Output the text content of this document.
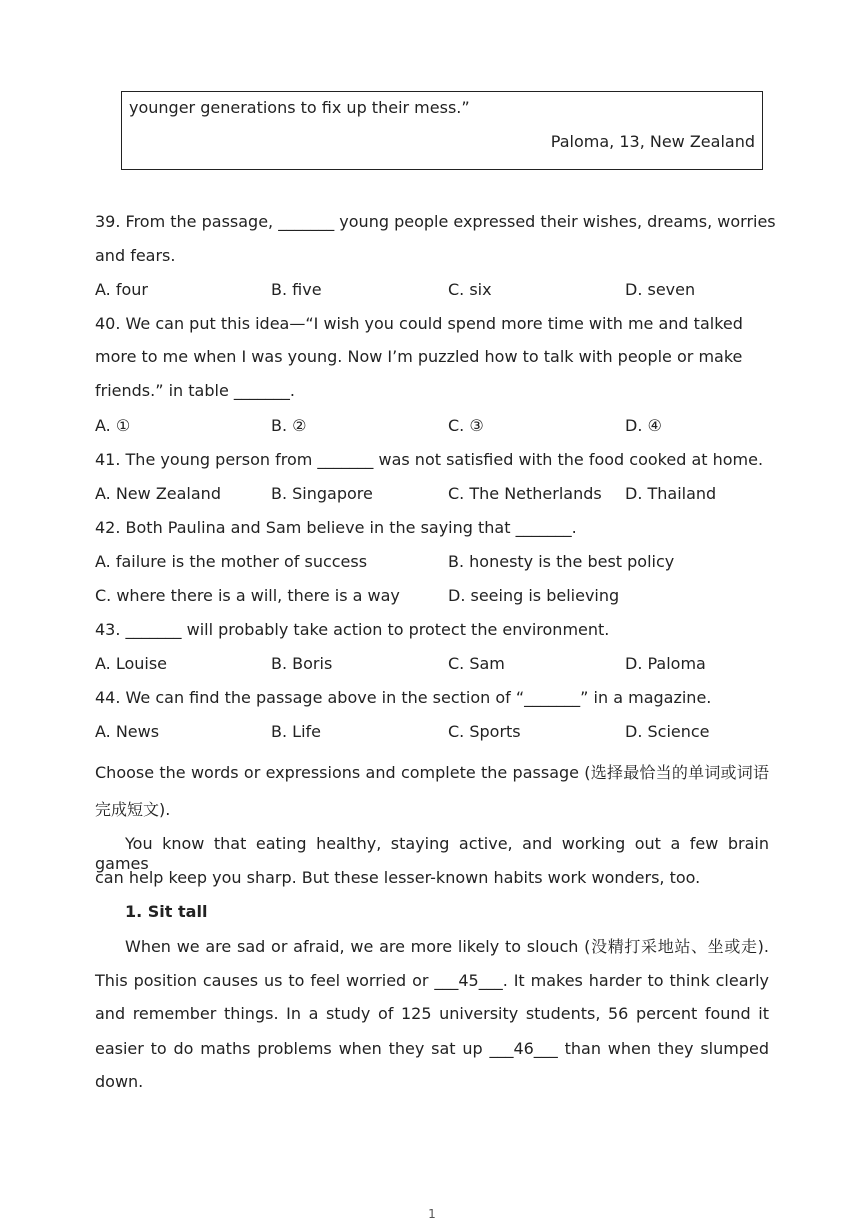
younger generations to fix up their mess.”
Paloma, 13, New Zealand
39. From the passage, _______ young people expressed their wishes, dreams, worries
and fears.
A. four	B. five	C. six	D. seven
40. We can put this idea—“I wish you could spend more time with me and talked
more to me when I was young. Now I’m puzzled how to talk with people or make
friends.” in table _______.
A. ①	B. ②	C. ③	D. ④
41. The young person from _______ was not satisfied with the food cooked at home.
A. New Zealand	B. Singapore	C. The Netherlands D. Thailand
42. Both Paulina and Sam believe in the saying that _______.
A. failure is the mother of success	B. honesty is the best policy
C. where there is a will, there is a way	D. seeing is believing
43. _______ will probably take action to protect the environment.
A. Louise	B. Boris	C. Sam	D. Paloma
44. We can find the passage above in the section of “_______” in a magazine.
A. News	B. Life	C. Sports	D. Science
Choose the words or expressions and complete the passage (选择最恰当的单词或词语
完成短文).
You know that eating healthy, staying active, and working out a few brain games
can help keep you sharp. But these lesser-known habits work wonders, too.
1. Sit tall
When we are sad or afraid, we are more likely to slouch (没精打采地站、坐或走).
This position causes us to feel worried or ___45___. It makes harder to think clearly
and remember things. In a study of 125 university students, 56 percent found it
easier to do maths problems when they sat up ___46___ than when they slumped
down.
1
